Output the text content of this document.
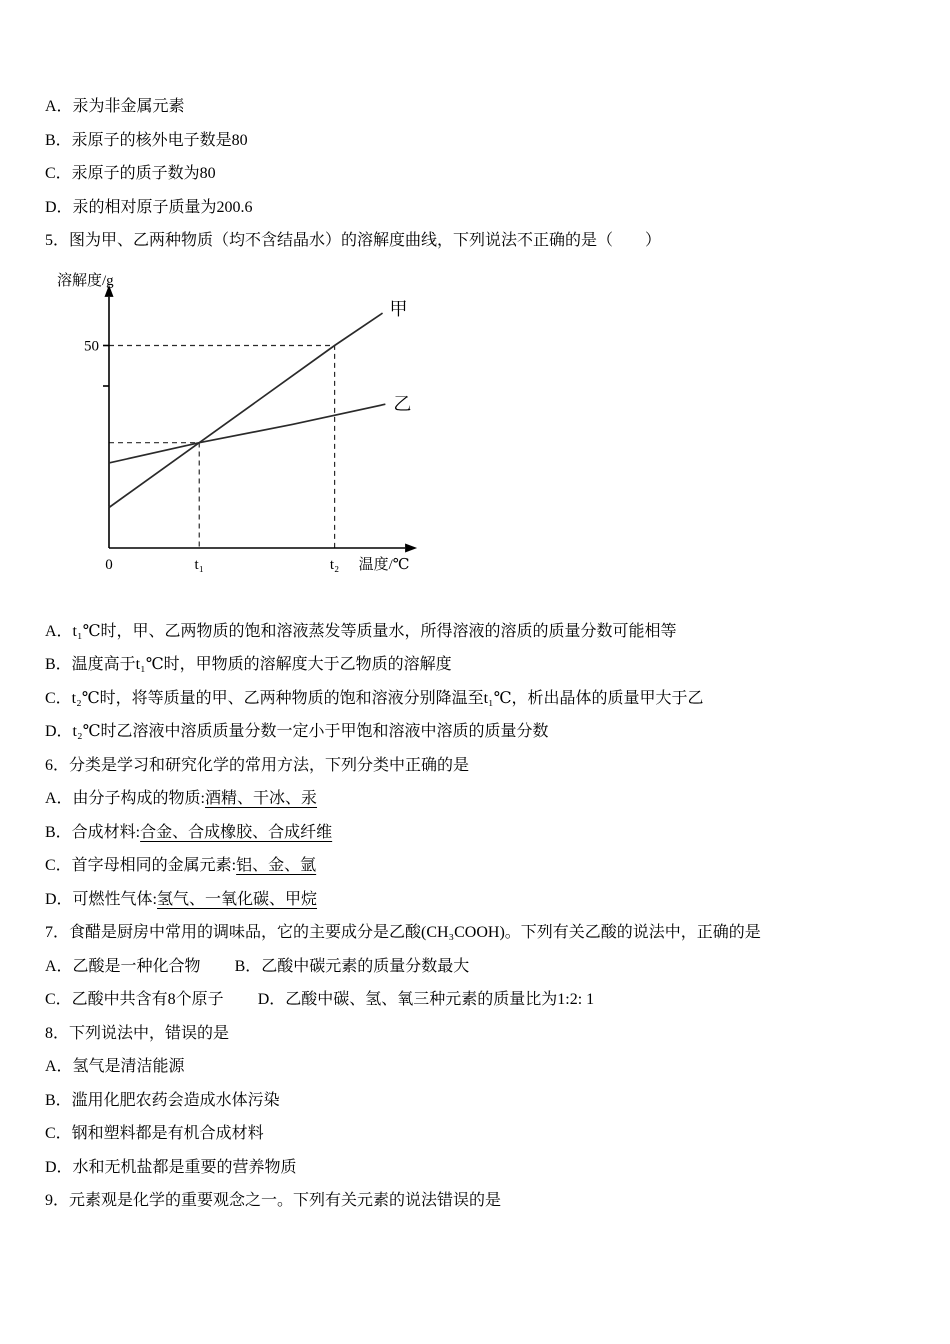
A．汞为非金属元素

B．汞原子的核外电子数是80

C．汞原子的质子数为80

D．汞的相对原子质量为200.6

5．图为甲、乙两种物质（均不含结晶水）的溶解度曲线，下列说法不正确的是（　　）

50
0	t₁	t₂
甲
乙
溶解度/g
温度/℃

A．t₁℃时，甲、乙两物质的饱和溶液蒸发等质量水，所得溶液的溶质的质量分数可能相等

B．温度高于t₁℃时，甲物质的溶解度大于乙物质的溶解度

C．t₂℃时，将等质量的甲、乙两种物质的饱和溶液分别降温至t₁℃，析出晶体的质量甲大于乙

D．t₂℃时乙溶液中溶质质量分数一定小于甲饱和溶液中溶质的质量分数

6．分类是学习和研究化学的常用方法，下列分类中正确的是

A．由分子构成的物质:酒精、干冰、汞

B．合成材料:合金、合成橡胶、合成纤维

C．首字母相同的金属元素:铝、金、氩

D．可燃性气体:氢气、一氧化碳、甲烷

7．食醋是厨房中常用的调味品，它的主要成分是乙酸(CH₃COOH)。下列有关乙酸的说法中，正确的是

A．乙酸是一种化合物 B．乙酸中碳元素的质量分数最大

C．乙酸中共含有8个原子 D．乙酸中碳、氢、氧三种元素的质量比为1:2: 1

8．下列说法中，错误的是

A．氢气是清洁能源

B．滥用化肥农药会造成水体污染

C．钢和塑料都是有机合成材料

D．水和无机盐都是重要的营养物质

9．元素观是化学的重要观念之一。下列有关元素的说法错误的是
